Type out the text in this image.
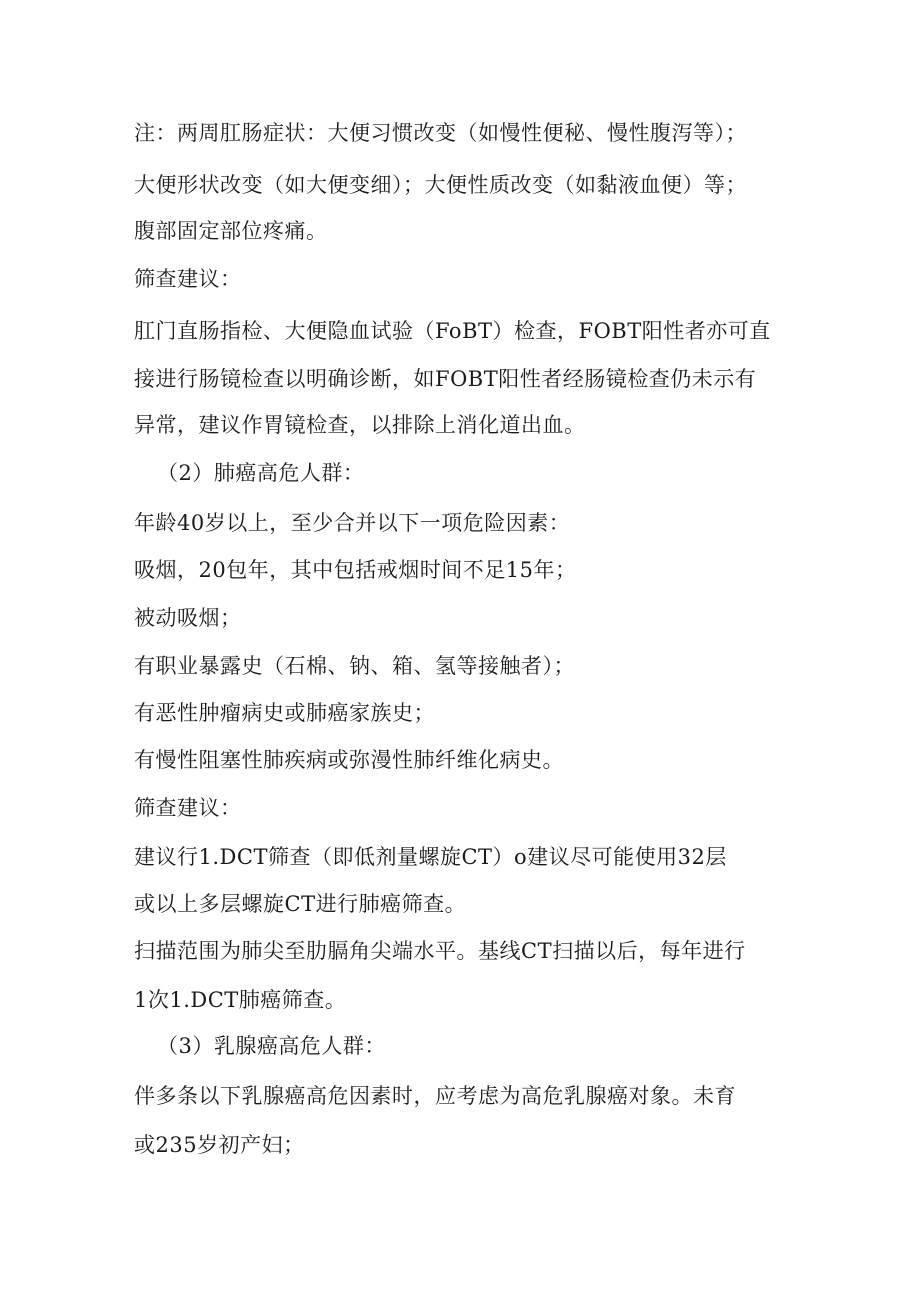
注：两周肛肠症状：大便习惯改变（如慢性便秘、慢性腹泻等）；
大便形状改变（如大便变细）；大便性质改变（如黏液血便）等；
腹部固定部位疼痛。
筛查建议：
肛门直肠指检、大便隐血试验（FoBT）检查，FOBT阳性者亦可直
接进行肠镜检查以明确诊断，如FOBT阳性者经肠镜检查仍未示有
异常，建议作胃镜检查，以排除上消化道出血。
（2）肺癌高危人群：
年龄40岁以上，至少合并以下一项危险因素：
吸烟，20包年，其中包括戒烟时间不足15年；
被动吸烟；
有职业暴露史（石棉、钠、箱、氢等接触者）；
有恶性肿瘤病史或肺癌家族史；
有慢性阻塞性肺疾病或弥漫性肺纤维化病史。
筛查建议：
建议行1.DCT筛查（即低剂量螺旋CT）o建议尽可能使用32层
或以上多层螺旋CT进行肺癌筛查。
扫描范围为肺尖至肋膈角尖端水平。基线CT扫描以后，每年进行
1次1.DCT肺癌筛查。
（3）乳腺癌高危人群：
伴多条以下乳腺癌高危因素时，应考虑为高危乳腺癌对象。未育
或235岁初产妇；
